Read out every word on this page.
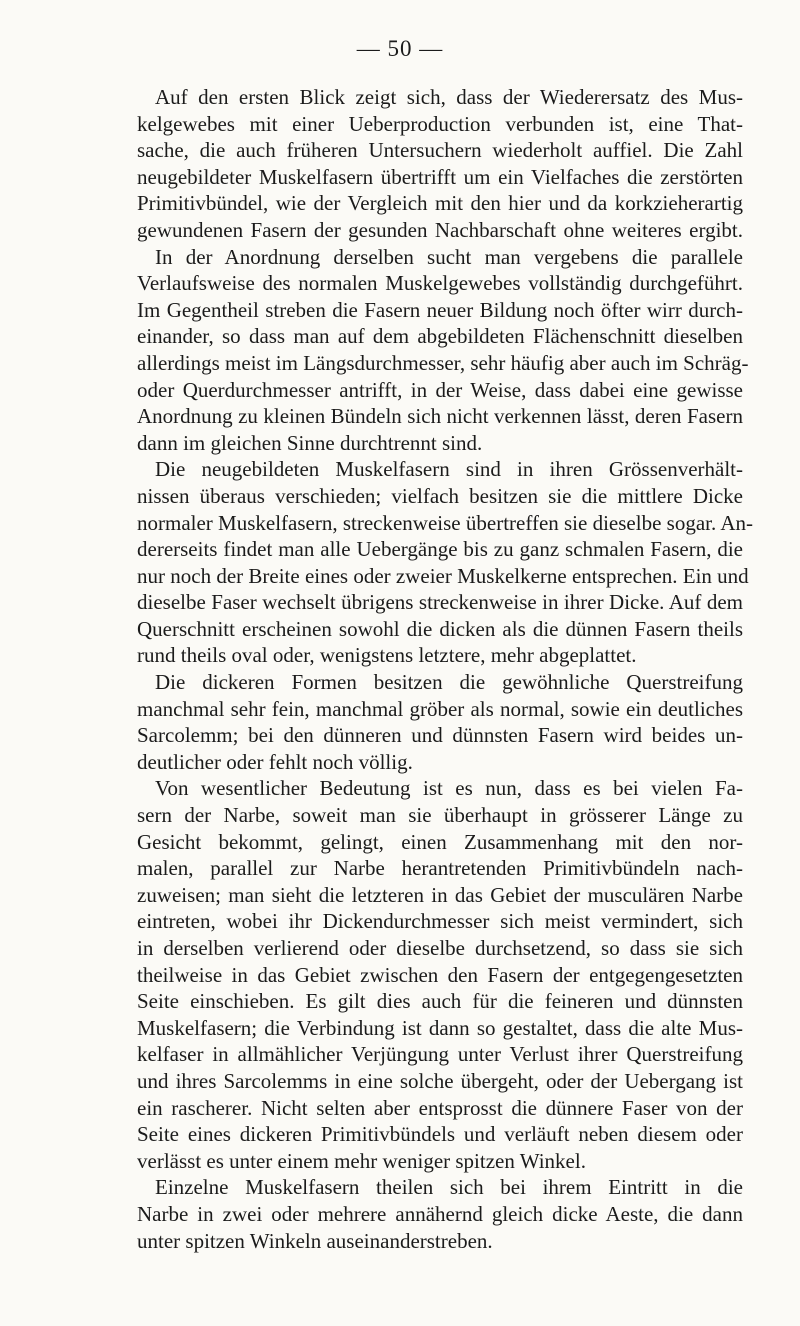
— 50 —
Auf den ersten Blick zeigt sich, dass der Wiederersatz des Mus-
kelgewebes mit einer Ueberproduction verbunden ist, eine That-
sache, die auch früheren Untersuchern wiederholt auffiel. Die Zahl
neugebildeter Muskelfasern übertrifft um ein Vielfaches die zerstörten
Primitivbündel, wie der Vergleich mit den hier und da korkzieherartig
gewundenen Fasern der gesunden Nachbarschaft ohne weiteres ergibt.
In der Anordnung derselben sucht man vergebens die parallele
Verlaufsweise des normalen Muskelgewebes vollständig durchgeführt.
Im Gegentheil streben die Fasern neuer Bildung noch öfter wirr durch-
einander, so dass man auf dem abgebildeten Flächenschnitt dieselben
allerdings meist im Längsdurchmesser, sehr häufig aber auch im Schräg-
oder Querdurchmesser antrifft, in der Weise, dass dabei eine gewisse
Anordnung zu kleinen Bündeln sich nicht verkennen lässt, deren Fasern
dann im gleichen Sinne durchtrennt sind.
Die neugebildeten Muskelfasern sind in ihren Grössenverhält-
nissen überaus verschieden; vielfach besitzen sie die mittlere Dicke
normaler Muskelfasern, streckenweise übertreffen sie dieselbe sogar. An-
dererseits findet man alle Uebergänge bis zu ganz schmalen Fasern, die
nur noch der Breite eines oder zweier Muskelkerne entsprechen. Ein und
dieselbe Faser wechselt übrigens streckenweise in ihrer Dicke. Auf dem
Querschnitt erscheinen sowohl die dicken als die dünnen Fasern theils
rund theils oval oder, wenigstens letztere, mehr abgeplattet.
Die dickeren Formen besitzen die gewöhnliche Querstreifung
manchmal sehr fein, manchmal gröber als normal, sowie ein deutliches
Sarcolemm; bei den dünneren und dünnsten Fasern wird beides un-
deutlicher oder fehlt noch völlig.
Von wesentlicher Bedeutung ist es nun, dass es bei vielen Fa-
sern der Narbe, soweit man sie überhaupt in grösserer Länge zu
Gesicht bekommt, gelingt, einen Zusammenhang mit den nor-
malen, parallel zur Narbe herantretenden Primitivbündeln nach-
zuweisen; man sieht die letzteren in das Gebiet der musculären Narbe
eintreten, wobei ihr Dickendurchmesser sich meist vermindert, sich
in derselben verlierend oder dieselbe durchsetzend, so dass sie sich
theilweise in das Gebiet zwischen den Fasern der entgegengesetzten
Seite einschieben. Es gilt dies auch für die feineren und dünnsten
Muskelfasern; die Verbindung ist dann so gestaltet, dass die alte Mus-
kelfaser in allmählicher Verjüngung unter Verlust ihrer Querstreifung
und ihres Sarcolemms in eine solche übergeht, oder der Uebergang ist
ein rascherer. Nicht selten aber entsprosst die dünnere Faser von der
Seite eines dickeren Primitivbündels und verläuft neben diesem oder
verlässt es unter einem mehr weniger spitzen Winkel.
Einzelne Muskelfasern theilen sich bei ihrem Eintritt in die
Narbe in zwei oder mehrere annähernd gleich dicke Aeste, die dann
unter spitzen Winkeln auseinanderstreben.
